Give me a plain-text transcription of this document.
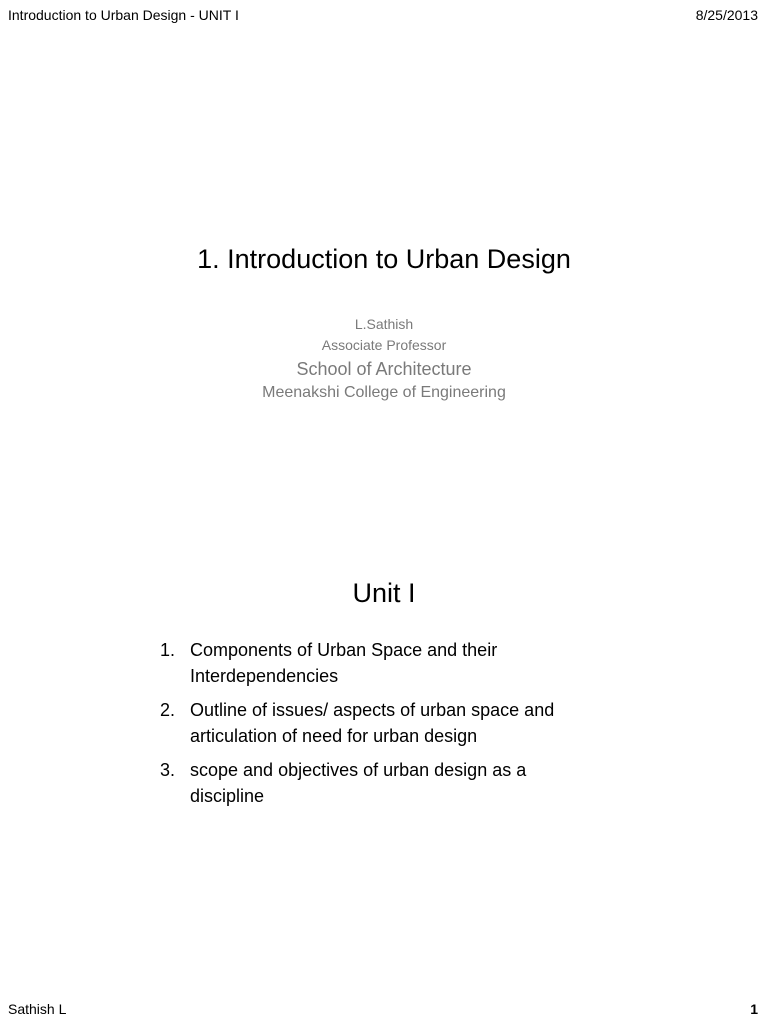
Introduction to Urban Design - UNIT I	8/25/2013
1. Introduction to Urban Design
L.Sathish
Associate Professor
School of Architecture
Meenakshi College of Engineering
Unit I
1. Components of Urban Space and their
Interdependencies
2. Outline of issues/ aspects of urban space and
articulation of need for urban design
3. scope and objectives of urban design as a
discipline
Sathish L	1
